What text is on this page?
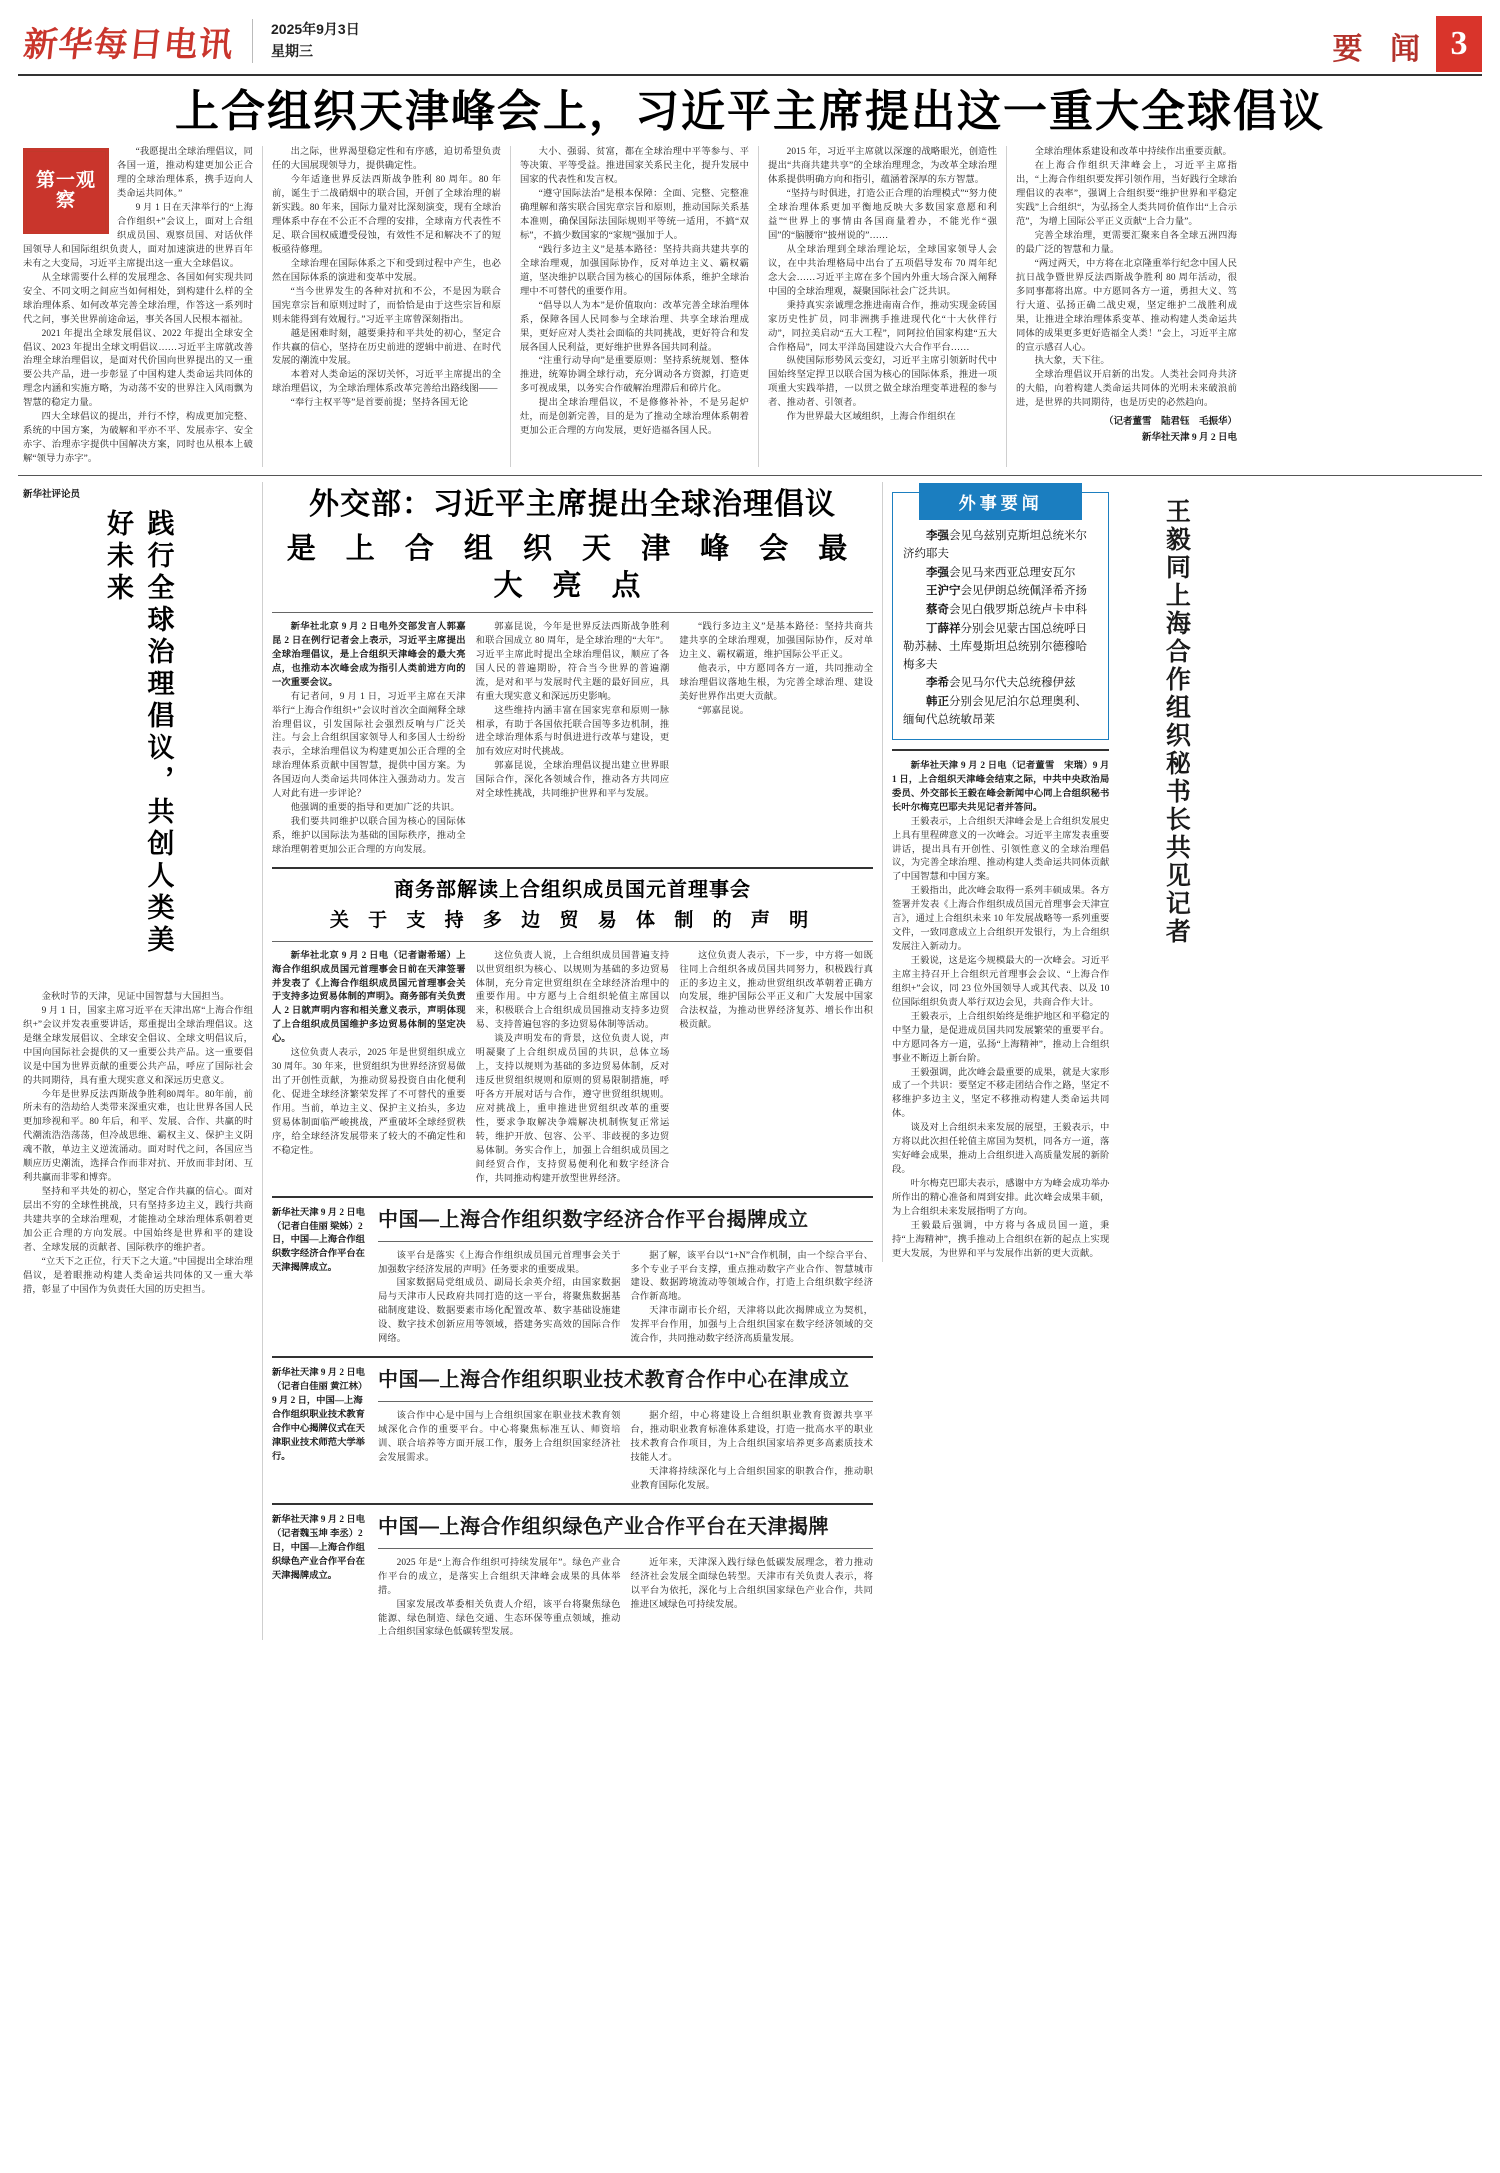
新华每日电讯	2025年9月3日
星期三	要 闻 3
上合组织天津峰会上，习近平主席提出这一重大全球倡议
第一观察

“我愿提出全球治理倡议，同各国一道，推动构建更加公正合理的全球治理体系，携手迈向人类命运共同体。”

9 月 1 日在天津举行的“上海合作组织+”会议上，面对上合组织成员国、观察员国、对话伙伴国领导人和国际组织负责人，面对加速演进的世界百年未有之大变局，习近平主席提出这一重大全球倡议。

从全球需要什么样的发展理念、各国如何实现共同安全、不同文明之间应当如何相处，到构建什么样的全球治理体系、如何改革完善全球治理，作答这一系列时代之问，事关世界前途命运，事关各国人民根本福祉。

2021 年提出全球发展倡议、2022 年提出全球安全倡议、2023 年提出全球文明倡议……习近平主席就改善治理全球治理倡议，是面对代价国向世界提出的又一重要公共产品，进一步彰显了中国构建人类命运共同体的理念内涵和实施方略，为动荡不安的世界注入风雨飘为智慧的稳定力量。

四大全球倡议的提出，并行不悖，构成更加完整、系统的中国方案，为破解和平亦不平、发展赤字、安全赤字、治理赤字提供中国解决方案，同时也从根本上破解“领导力赤字”。

出之际，世界渴望稳定性和有序感，迫切希望负责任的大国展现领导力，提供确定性。

今年适逢世界反法西斯战争胜利 80 周年。80 年前，诞生于二战硝烟中的联合国，开创了全球治理的崭新实践。80 年来，国际力量对比深刻演变，现有全球治理体系中存在不公正不合理的安排，全球南方代表性不足、联合国权威遭受侵蚀，有效性不足和解决不了的短板亟待修理。

全球治理在国际体系之下和受到过程中产生，也必然在国际体系的演进和变革中发展。

“当今世界发生的各种对抗和不公，不是因为联合国宪章宗旨和原则过时了，而恰恰是由于这些宗旨和原则未能得到有效履行。”习近平主席曾深刻指出。

越是困难时刻，越要秉持和平共处的初心，坚定合作共赢的信心，坚持在历史前进的逻辑中前进、在时代发展的潮流中发展。

本着对人类命运的深切关怀，习近平主席提出的全球治理倡议，为全球治理体系改革完善给出路线图——

“奉行主权平等”是首要前提；坚持各国无论

大小、强弱、贫富，都在全球治理中平等参与、平等决策、平等受益。推进国家关系民主化，提升发展中国家的代表性和发言权。

“遵守国际法治”是根本保障：全面、完整、完整准确理解和落实联合国宪章宗旨和原则，推动国际关系基本准则，确保国际法国际规则平等统一适用，不搞“双标”，不搞少数国家的“家规”强加于人。

“践行多边主义”是基本路径：坚持共商共建共享的全球治理观，加强国际协作，反对单边主义、霸权霸道，坚决维护以联合国为核心的国际体系，维护全球治理中不可替代的重要作用。

“倡导以人为本”是价值取向：改革完善全球治理体系，保障各国人民同参与全球治理、共享全球治理成果，更好应对人类社会面临的共同挑战，更好符合和发展各国人民利益，更好维护世界各国共同利益。

“注重行动导向”是重要原则：坚持系统规划、整体推进，统筹协调全球行动，充分调动各方资源，打造更多可视成果，以务实合作破解治理滞后和碎片化。

提出全球治理倡议，不是修修补补，不是另起炉灶，而是创新完善，目的是为了推动全球治理体系朝着更加公正合理的方向发展，更好造福各国人民。

2015 年，习近平主席就以深邃的战略眼光，创造性提出“共商共建共享”的全球治理理念，为改革全球治理体系提供明确方向和指引，蕴涵着深厚的东方智慧。

“坚持与时俱进，打造公正合理的治理模式”“努力使全球治理体系更加平衡地反映大多数国家意愿和利益”“世界上的事情由各国商量着办，不能光作“强国”的“脑腰帘”披州说的”……

从全球治理到全球治理论坛，全球国家领导人会议，在中共治理格局中出台了五项倡导发布 70 周年纪念大会……习近平主席在多个国内外重大场合深入阐释中国的全球治理观，凝聚国际社会广泛共识。

秉持真实亲诚理念推进南南合作，推动实现金砖国家历史性扩员，同非洲携手推进现代化“十大伙伴行动”，同拉美启动“五大工程”，同阿拉伯国家构建“五大合作格局”，同太平洋岛国建设六大合作平台……

纵使国际形势风云变幻，习近平主席引领新时代中国始终坚定捍卫以联合国为核心的国际体系，推进一项项重大实践举措，一以贯之做全球治理变革进程的参与者、推动者、引领者。

作为世界最大区域组织，上海合作组织在

全球治理体系建设和改革中持续作出重要贡献。

在上海合作组织天津峰会上，习近平主席指出，“上海合作组织要发挥引领作用，当好践行全球治理倡议的表率”，强调上合组织要“维护世界和平稳定实践”上合组织“，为弘扬全人类共同价值作出“上合示范”，为增上国际公平正义贡献“上合力量”。

完善全球治理，更需要汇聚来自各全球五洲四海的最广泛的智慧和力量。

“两过两天，中方将在北京隆重举行纪念中国人民抗日战争暨世界反法西斯战争胜利 80 周年活动，很多同事都将出席。中方愿同各方一道，勇担大义、笃行大道、弘扬正确二战史观，坚定维护二战胜利成果，让推进全球治理体系变革、推动构建人类命运共同体的成果更多更好造福全人类！”会上，习近平主席的宣示感召人心。

执大象，天下往。

全球治理倡议开启新的出发。人类社会同舟共济的大船，向着构建人类命运共同体的光明未来破浪前进，是世界的共同期待，也是历史的必然趋向。

（记者董雪　陆君钰　毛振华）
新华社天津 9 月 2 日电
新华社评论员
践行全球治理倡议，共创人类美好未来

金秋时节的天津，见证中国智慧与大国担当。

9 月 1 日，国家主席习近平在天津出席“上海合作组织+”会议并发表重要讲话，郑重提出全球治理倡议。这是继全球发展倡议、全球安全倡议、全球文明倡议后，中国向国际社会提供的又一重要公共产品。这一重要倡议是中国为世界贡献的重要公共产品，呼应了国际社会的共同期待，具有重大现实意义和深远历史意义。

今年是世界反法西斯战争胜利80周年。80年前，前所未有的浩劫给人类带来深重灾难，也让世界各国人民更加珍视和平。80 年后，和平、发展、合作、共赢的时代潮流浩浩荡荡，但冷战思维、霸权主义、保护主义阴魂不散，单边主义逆流涌动。面对时代之问，各国应当顺应历史潮流，选择合作而非对抗、开放而非封闭、互利共赢而非零和博弈。

坚持和平共处的初心，坚定合作共赢的信心。面对层出不穷的全球性挑战，只有坚持多边主义，践行共商共建共享的全球治理观，才能推动全球治理体系朝着更加公正合理的方向发展。中国始终是世界和平的建设者、全球发展的贡献者、国际秩序的维护者。

“立天下之正位，行天下之大道。”中国提出全球治理倡议，是着眼推动构建人类命运共同体的又一重大举措，彰显了中国作为负责任大国的历史担当。

外交部：习近平主席提出全球治理倡议
是 上 合 组 织 天 津 峰 会 最 大 亮 点

新华社北京 9 月 2 日电外交部发言人郭嘉昆 2 日在例行记者会上表示，习近平主席提出全球治理倡议，是上合组织天津峰会的最大亮点，也推动本次峰会成为指引人类前进方向的一次重要会议。

有记者问，9 月 1 日，习近平主席在天津举行“上海合作组织+”会议时首次全面阐释全球治理倡议，引发国际社会强烈反响与广泛关注。与会上合组织国家领导人和多国人士纷纷表示，全球治理倡议为构建更加公正合理的全球治理体系贡献中国智慧，提供中国方案。为各国迈向人类命运共同体注入强劲动力。发言人对此有进一步评论？

他强调的重要的指导和更加广泛的共识。

我们要共同维护以联合国为核心的国际体系，维护以国际法为基础的国际秩序，推动全球治理朝着更加公正合理的方向发展。

郭嘉昆说，今年是世界反法西斯战争胜利和联合国成立 80 周年，是全球治理的“大年”。习近平主席此时提出全球治理倡议，顺应了各国人民的普遍期盼，符合当今世界的普遍潮流，是对和平与发展时代主题的最好回应，具有重大现实意义和深远历史影响。

这些维持内涵丰富在国家宪章和原则一脉相承，有助于各国依托联合国等多边机制，推进全球治理体系与时俱进进行改革与建设，更加有效应对时代挑战。

郭嘉昆说，全球治理倡议提出建立世界眼国际合作，深化各领域合作，推动各方共同应对全球性挑战，共同维护世界和平与发展。

“践行多边主义”是基本路径：坚持共商共建共享的全球治理观，加强国际协作，反对单边主义、霸权霸道，维护国际公平正义。

他表示，中方愿同各方一道，共同推动全球治理倡议落地生根，为完善全球治理、建设美好世界作出更大贡献。

“郭嘉昆说。

商务部解读上合组织成员国元首理事会
关 于 支 持 多 边 贸 易 体 制 的 声 明

新华社北京 9 月 2 日电（记者谢希瑶）上海合作组织成员国元首理事会日前在天津签署并发表了《上海合作组织成员国元首理事会关于支持多边贸易体制的声明》。商务部有关负责人 2 日就声明内容和相关意义表示，声明体现了上合组织成员国维护多边贸易体制的坚定决心。

这位负责人表示，2025 年是世贸组织成立 30 周年。30 年来，世贸组织为世界经济贸易做出了开创性贡献，为推动贸易投资自由化便利化、促进全球经济繁荣发挥了不可替代的重要作用。当前，单边主义、保护主义抬头，多边贸易体制面临严峻挑战，严重破坏全球经贸秩序，给全球经济发展带来了较大的不确定性和不稳定性。

这位负责人说，上合组织成员国普遍支持以世贸组织为核心、以规则为基础的多边贸易体制，充分肯定世贸组织在全球经济治理中的重要作用。中方愿与上合组织轮值主席国以来，积极联合上合组织成员国推动支持多边贸易、支持普遍包容的多边贸易体制等活动。

谈及声明发布的背景，这位负责人说，声明凝聚了上合组织成员国的共识，总体立场上，支持以规则为基础的多边贸易体制，反对违反世贸组织规则和原则的贸易限制措施，呼吁各方开展对话与合作，遵守世贸组织规则。应对挑战上，重申推进世贸组织改革的重要性，要求争取解决争端解决机制恢复正常运转，维护开放、包容、公平、非歧视的多边贸易体制。务实合作上，加强上合组织成员国之间经贸合作，支持贸易便利化和数字经济合作，共同推动构建开放型世界经济。

这位负责人表示，下一步，中方将一如既往同上合组织各成员国共同努力，积极践行真正的多边主义，推动世贸组织改革朝着正确方向发展，维护国际公平正义和广大发展中国家合法权益，为推动世界经济复苏、增长作出积极贡献。

新华社天津 9 月 2 日电（记者白佳丽 梁姊）2 日，中国—上海合作组织数字经济合作平台在天津揭牌成立。
中国—上海合作组织数字经济合作平台揭牌成立

该平台是落实《上海合作组织成员国元首理事会关于加强数字经济发展的声明》任务要求的重要成果。

国家数据局党组成员、副局长余英介绍，由国家数据局与天津市人民政府共同打造的这一平台，将聚焦数据基础制度建设、数据要素市场化配置改革、数字基础设施建设、数字技术创新应用等领域，搭建务实高效的国际合作网络。

据了解，该平台以“1+N”合作机制，由一个综合平台、多个专业子平台支撑，重点推动数字产业合作、智慧城市建设、数据跨境流动等领域合作，打造上合组织数字经济合作新高地。

天津市副市长介绍，天津将以此次揭牌成立为契机，发挥平台作用，加强与上合组织国家在数字经济领域的交流合作，共同推动数字经济高质量发展。

新华社天津 9 月 2 日电（记者白佳丽 黄江林）9 月 2 日，中国—上海合作组织职业技术教育合作中心揭牌仪式在天津职业技术师范大学举行。
中国—上海合作组织职业技术教育合作中心在津成立

该合作中心是中国与上合组织国家在职业技术教育领域深化合作的重要平台。中心将聚焦标准互认、师资培训、联合培养等方面开展工作，服务上合组织国家经济社会发展需求。

据介绍，中心将建设上合组织职业教育资源共享平台，推动职业教育标准体系建设，打造一批高水平的职业技术教育合作项目，为上合组织国家培养更多高素质技术技能人才。

天津将持续深化与上合组织国家的职教合作，推动职业教育国际化发展。

新华社天津 9 月 2 日电（记者魏玉坤 李丞）2 日，中国—上海合作组织绿色产业合作平台在天津揭牌成立。
中国—上海合作组织绿色产业合作平台在天津揭牌

2025 年是“上海合作组织可持续发展年”。绿色产业合作平台的成立，是落实上合组织天津峰会成果的具体举措。

国家发展改革委相关负责人介绍，该平台将聚焦绿色能源、绿色制造、绿色交通、生态环保等重点领域，推动上合组织国家绿色低碳转型发展。

近年来，天津深入践行绿色低碳发展理念，着力推动经济社会发展全面绿色转型。天津市有关负责人表示，将以平台为依托，深化与上合组织国家绿色产业合作，共同推进区域绿色可持续发展。

外事要闻
李强会见乌兹别克斯坦总统米尔济约耶夫
李强会见马来西亚总理安瓦尔
王沪宁会见伊朗总统佩泽希齐扬
蔡奇会见白俄罗斯总统卢卡申科
丁薛祥分别会见蒙古国总统呼日勒苏赫、土库曼斯坦总统别尔德穆哈梅多夫
李希会见马尔代夫总统穆伊兹
韩正分别会见尼泊尔总理奥利、缅甸代总统敏昂莱

新华社天津 9 月 2 日电（记者董雪　宋瑞）9 月 1 日，上合组织天津峰会结束之际，中共中央政治局委员、外交部长王毅在峰会新闻中心同上合组织秘书长叶尔梅克巴耶夫共见记者并答问。

王毅表示，上合组织天津峰会是上合组织发展史上具有里程碑意义的一次峰会。习近平主席发表重要讲话，提出具有开创性、引领性意义的全球治理倡议，为完善全球治理、推动构建人类命运共同体贡献了中国智慧和中国方案。

王毅指出，此次峰会取得一系列丰硕成果。各方签署并发表《上海合作组织成员国元首理事会天津宣言》，通过上合组织未来 10 年发展战略等一系列重要文件，一致同意成立上合组织开发银行，为上合组织发展注入新动力。

王毅说，这是迄今规模最大的一次峰会。习近平主席主持召开上合组织元首理事会会议、“上海合作组织+”会议，同 23 位外国领导人或其代表、以及 10 位国际组织负责人举行双边会见，共商合作大计。

王毅表示，上合组织始终是维护地区和平稳定的中坚力量，是促进成员国共同发展繁荣的重要平台。中方愿同各方一道，弘扬“上海精神”，推动上合组织事业不断迈上新台阶。

王毅强调，此次峰会最重要的成果，就是大家形成了一个共识：要坚定不移走团结合作之路，坚定不移维护多边主义，坚定不移推动构建人类命运共同体。

谈及对上合组织未来发展的展望，王毅表示，中方将以此次担任轮值主席国为契机，同各方一道，落实好峰会成果，推动上合组织进入高质量发展的新阶段。

叶尔梅克巴耶夫表示，感谢中方为峰会成功举办所作出的精心准备和周到安排。此次峰会成果丰硕，为上合组织未来发展指明了方向。

王毅最后强调，中方将与各成员国一道，秉持“上海精神”，携手推动上合组织在新的起点上实现更大发展，为世界和平与发展作出新的更大贡献。

王毅同上海合作组织秘书长共见记者
